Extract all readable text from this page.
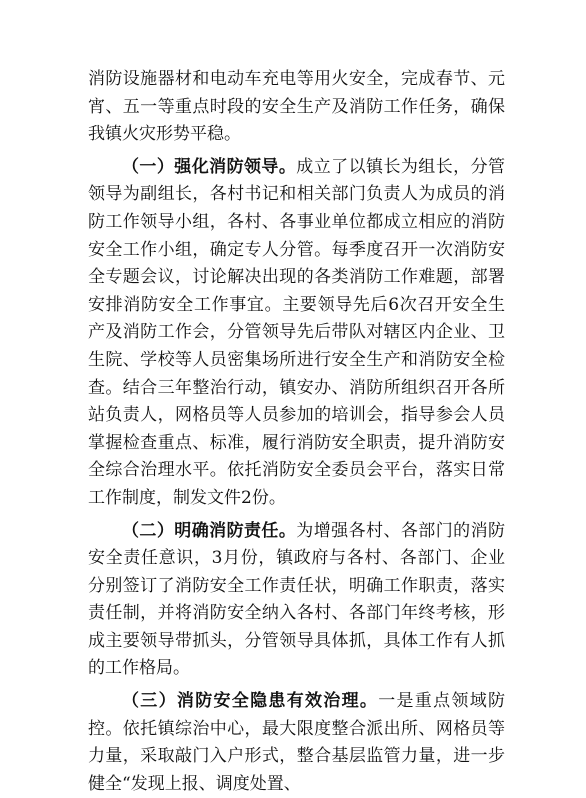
消防设施器材和电动车充电等用火安全，完成春节、元宵、五一等重点时段的安全生产及消防工作任务，确保我镇火灾形势平稳。

（一）强化消防领导。成立了以镇长为组长，分管领导为副组长，各村书记和相关部门负责人为成员的消防工作领导小组，各村、各事业单位都成立相应的消防安全工作小组，确定专人分管。每季度召开一次消防安全专题会议，讨论解决出现的各类消防工作难题，部署安排消防安全工作事宜。主要领导先后6次召开安全生产及消防工作会，分管领导先后带队对辖区内企业、卫生院、学校等人员密集场所进行安全生产和消防安全检查。结合三年整治行动，镇安办、消防所组织召开各所站负责人，网格员等人员参加的培训会，指导参会人员掌握检查重点、标准，履行消防安全职责，提升消防安全综合治理水平。依托消防安全委员会平台，落实日常工作制度，制发文件2份。

（二）明确消防责任。为增强各村、各部门的消防安全责任意识，3月份，镇政府与各村、各部门、企业分别签订了消防安全工作责任状，明确工作职责，落实责任制，并将消防安全纳入各村、各部门年终考核，形成主要领导带抓头，分管领导具体抓，具体工作有人抓的工作格局。

（三）消防安全隐患有效治理。一是重点领域防控。依托镇综治中心，最大限度整合派出所、网格员等力量，采取敲门入户形式，整合基层监管力量，进一步健全“发现上报、调度处置、
